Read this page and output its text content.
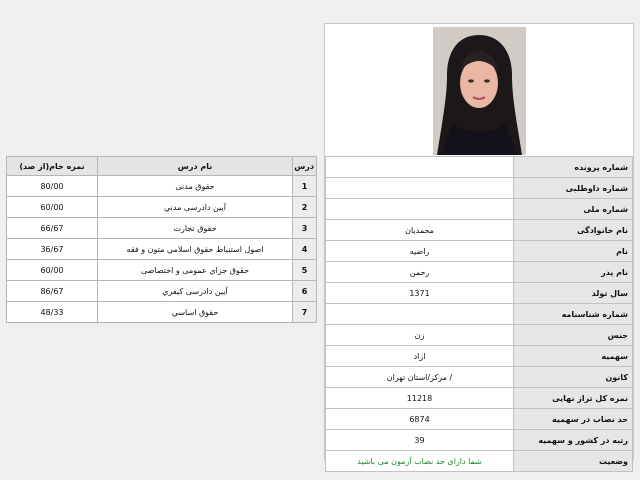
درس	نام درس	نمره خام(از صد)
1	حقوق مدنی	80/00
2	آیین دادرسی مدني	60/00
3	حقوق تجارت	66/67
4	اصول استنباط حقوق اسلامي متون و فقه	36/67
5	حقوق جزاي عمومی و اختصاصی	60/00
6	آیین دادرسی کیفري	86/67
7	حقوق اساسي	48/33
شماره پرونده	
شماره داوطلبی	
شماره ملی	
نام خانوادگی	محمدیان
نام	راضیه
نام پدر	رحمن
سال تولد	1371
شماره شناسنامه	
جنس	زن
سهمیه	ازاد
کانون	/ مرکز/استان تهران
نمره کل تراز نهایی	11218
حد نصاب در سهمیه	6874
رتبه در کشور و سهمیه	39
وضعیت	شما دارای حد نصاب آزمون می باشید
